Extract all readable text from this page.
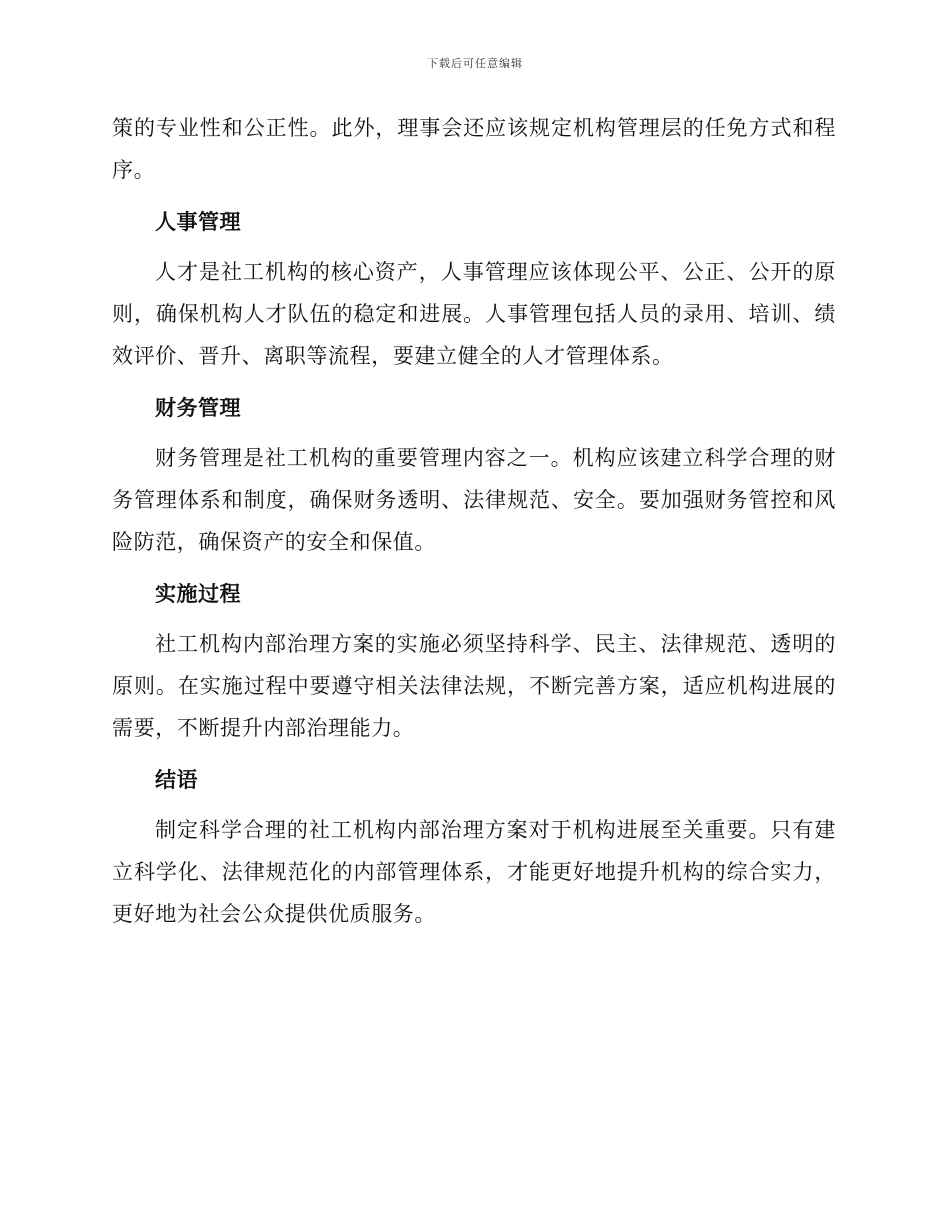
下载后可任意编辑

策的专业性和公正性。此外，理事会还应该规定机构管理层的任免方式和程序。

人事管理

人才是社工机构的核心资产，人事管理应该体现公平、公正、公开的原则，确保机构人才队伍的稳定和进展。人事管理包括人员的录用、培训、绩效评价、晋升、离职等流程，要建立健全的人才管理体系。

财务管理

财务管理是社工机构的重要管理内容之一。机构应该建立科学合理的财务管理体系和制度，确保财务透明、法律规范、安全。要加强财务管控和风险防范，确保资产的安全和保值。

实施过程

社工机构内部治理方案的实施必须坚持科学、民主、法律规范、透明的原则。在实施过程中要遵守相关法律法规，不断完善方案，适应机构进展的需要，不断提升内部治理能力。

结语

制定科学合理的社工机构内部治理方案对于机构进展至关重要。只有建立科学化、法律规范化的内部管理体系，才能更好地提升机构的综合实力，更好地为社会公众提供优质服务。
